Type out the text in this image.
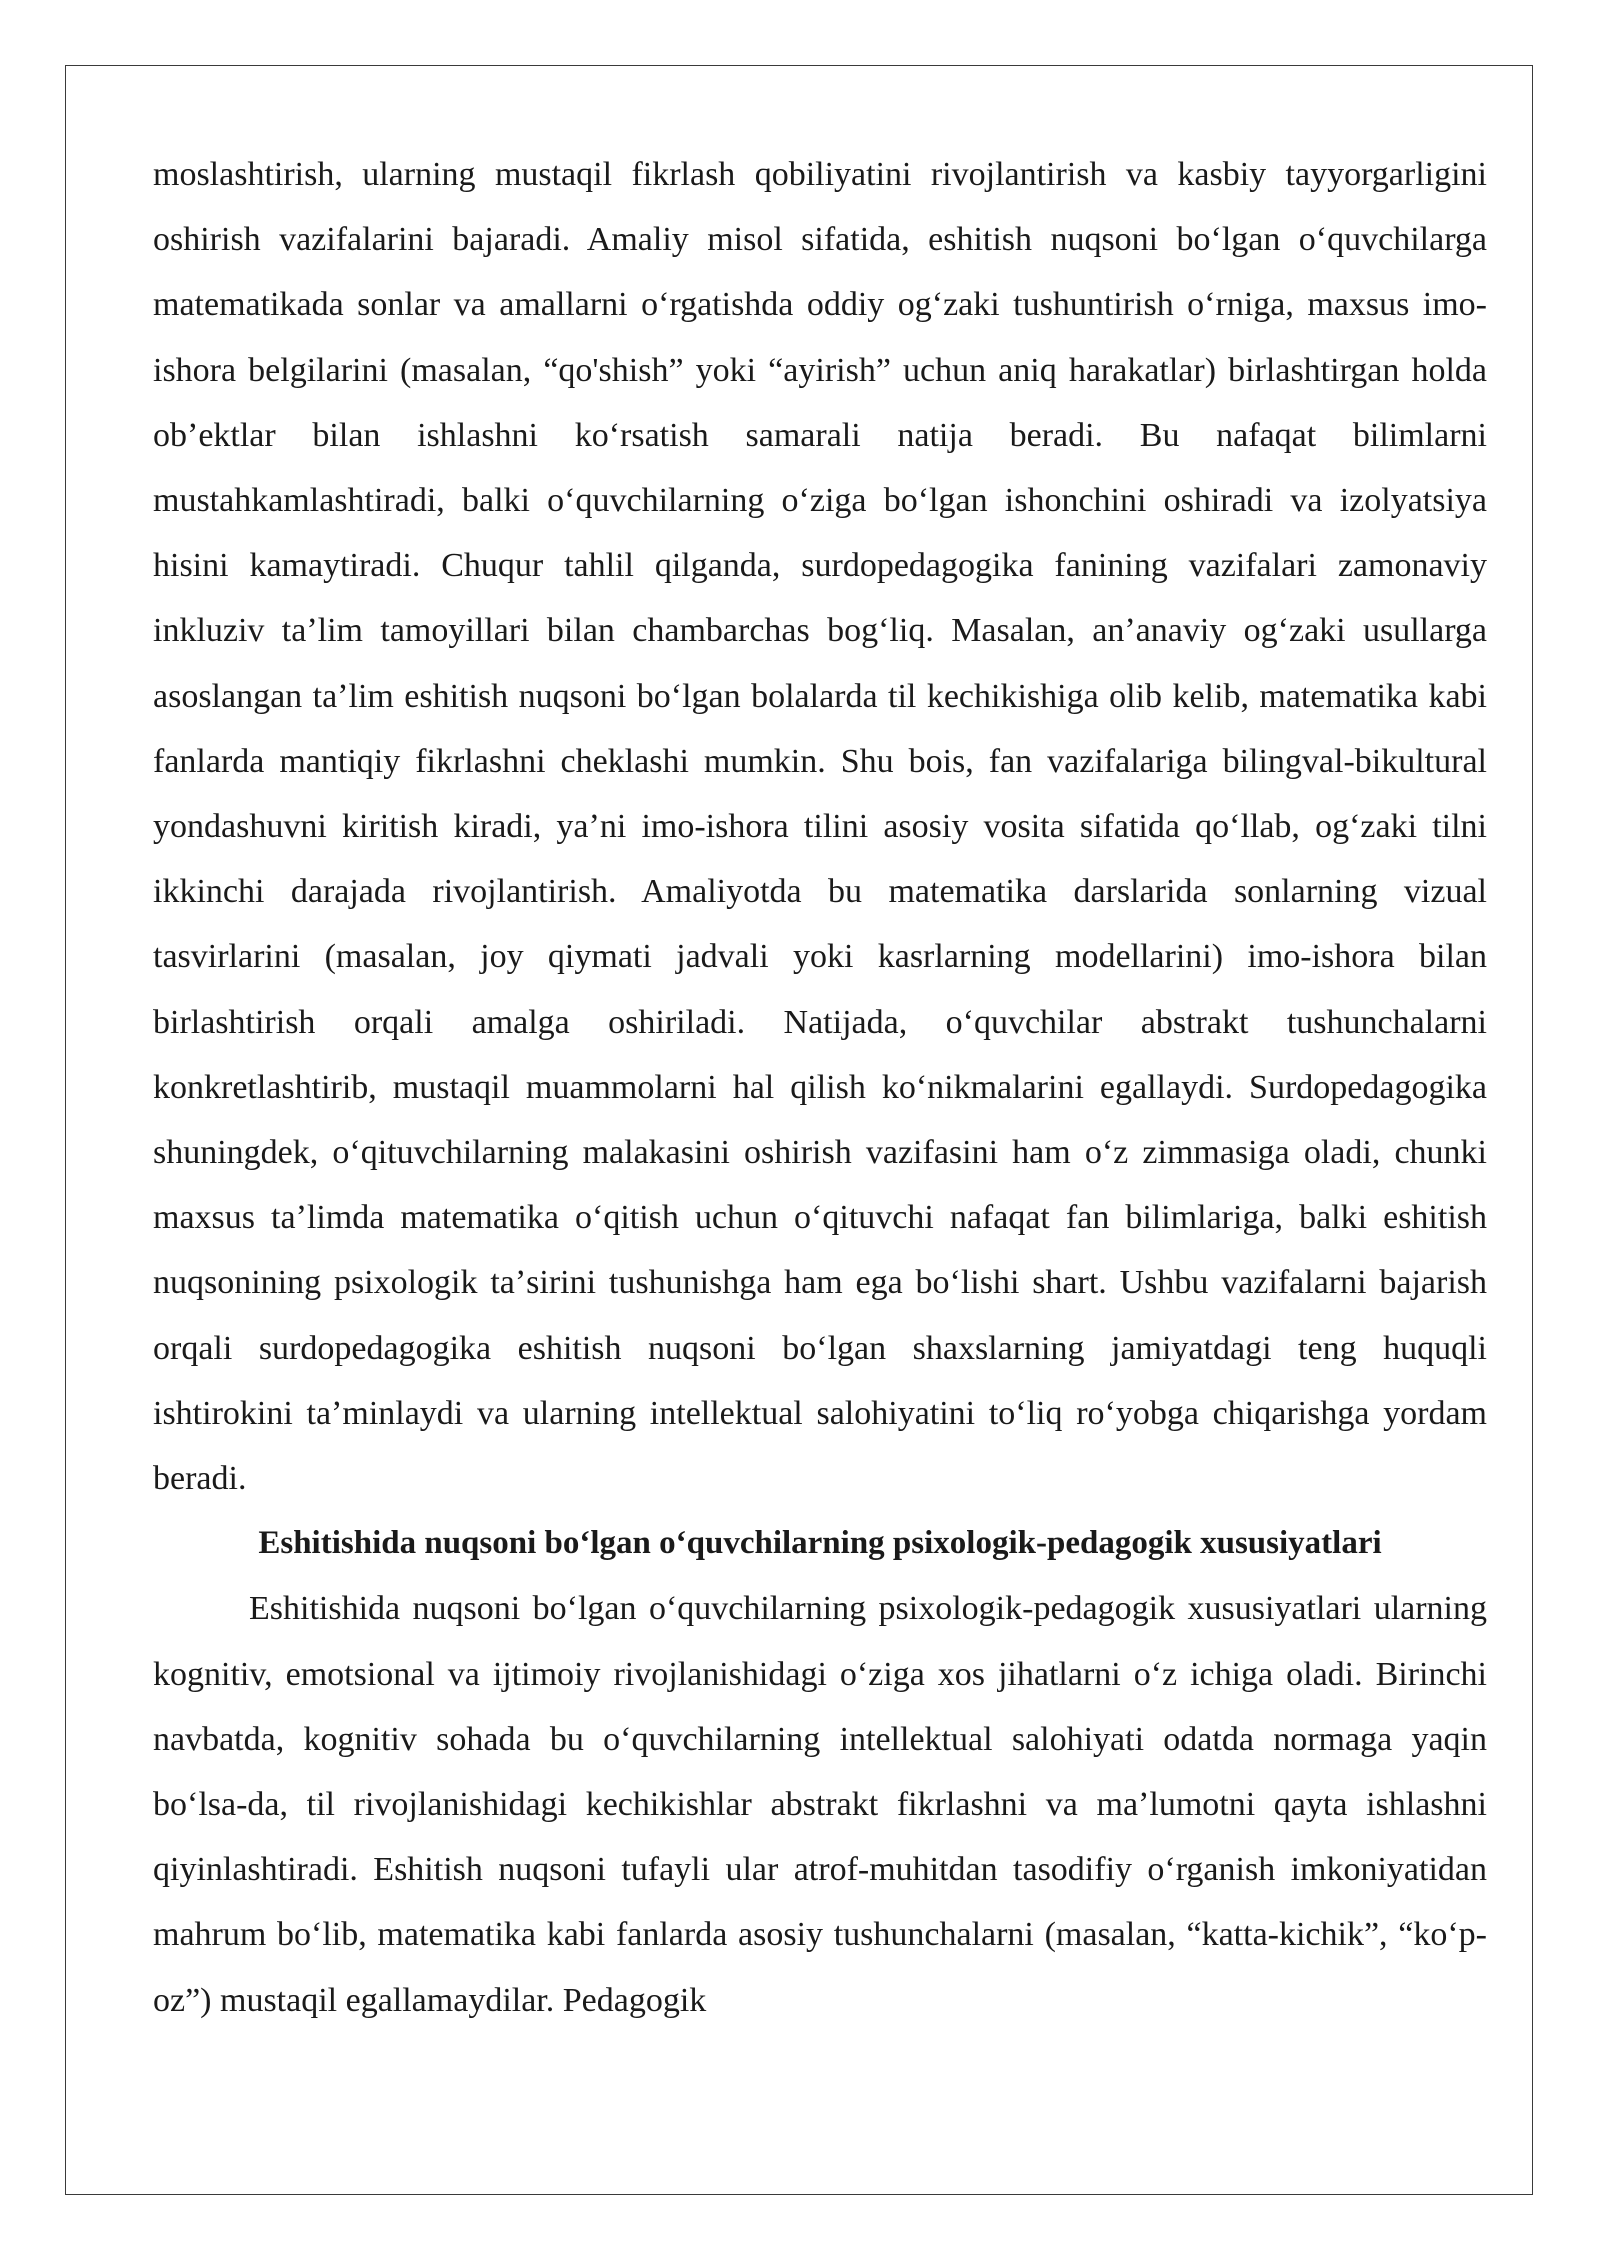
moslashtirish, ularning mustaqil fikrlash qobiliyatini rivojlantirish va kasbiy tayyorgarligini oshirish vazifalarini bajaradi. Amaliy misol sifatida, eshitish nuqsoni boʻlgan oʻquvchilarga matematikada sonlar va amallarni oʻrgatishda oddiy ogʻzaki tushuntirish oʻrniga, maxsus imo-ishora belgilarini (masalan, “qo'shish” yoki “ayirish” uchun aniq harakatlar) birlashtirgan holda obʼektlar bilan ishlashni koʻrsatish samarali natija beradi. Bu nafaqat bilimlarni mustahkamlashtiradi, balki oʻquvchilarning oʻziga boʻlgan ishonchini oshiradi va izolyatsiya hisini kamaytiradi. Chuqur tahlil qilganda, surdopedagogika fanining vazifalari zamonaviy inkluziv taʼlim tamoyillari bilan chambarchas bogʻliq. Masalan, anʼanaviy ogʻzaki usullarga asoslangan taʼlim eshitish nuqsoni boʻlgan bolalarda til kechikishiga olib kelib, matematika kabi fanlarda mantiqiy fikrlashni cheklashi mumkin. Shu bois, fan vazifalariga bilingval-bikultural yondashuvni kiritish kiradi, yaʼni imo-ishora tilini asosiy vosita sifatida qoʻllab, ogʻzaki tilni ikkinchi darajada rivojlantirish. Amaliyotda bu matematika darslarida sonlarning vizual tasvirlarini (masalan, joy qiymati jadvali yoki kasrlarning modellarini) imo-ishora bilan birlashtirish orqali amalga oshiriladi. Natijada, oʻquvchilar abstrakt tushunchalarni konkretlashtirib, mustaqil muammolarni hal qilish koʻnikmalarini egallaydi. Surdopedagogika shuningdek, oʻqituvchilarning malakasini oshirish vazifasini ham oʻz zimmasiga oladi, chunki maxsus taʼlimda matematika oʻqitish uchun oʻqituvchi nafaqat fan bilimlariga, balki eshitish nuqsonining psixologik taʼsirini tushunishga ham ega boʻlishi shart. Ushbu vazifalarni bajarish orqali surdopedagogika eshitish nuqsoni boʻlgan shaxslarning jamiyatdagi teng huquqli ishtirokini taʼminlaydi va ularning intellektual salohiyatini toʻliq roʻyobga chiqarishga yordam beradi.

Eshitishida nuqsoni boʻlgan oʻquvchilarning psixologik-pedagogik xususiyatlari

Eshitishida nuqsoni boʻlgan oʻquvchilarning psixologik-pedagogik xususiyatlari ularning kognitiv, emotsional va ijtimoiy rivojlanishidagi oʻziga xos jihatlarni oʻz ichiga oladi. Birinchi navbatda, kognitiv sohada bu oʻquvchilarning intellektual salohiyati odatda normaga yaqin boʻlsa-da, til rivojlanishidagi kechikishlar abstrakt fikrlashni va maʼlumotni qayta ishlashni qiyinlashtiradi. Eshitish nuqsoni tufayli ular atrof-muhitdan tasodifiy oʻrganish imkoniyatidan mahrum boʻlib, matematika kabi fanlarda asosiy tushunchalarni (masalan, “katta-kichik”, “koʻp-oz”) mustaqil egallamaydilar. Pedagogik
